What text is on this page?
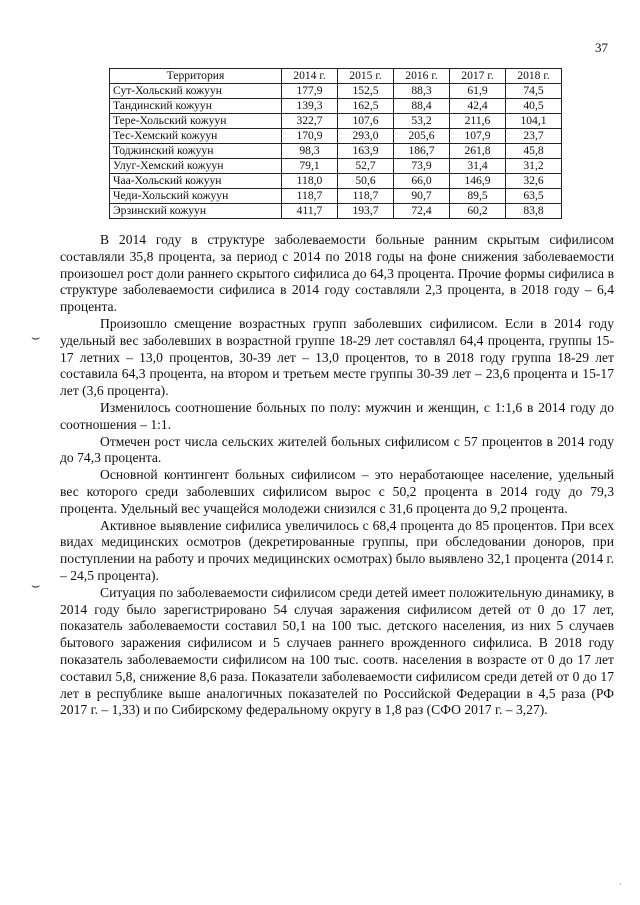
37
Территория	2014 г.	2015 г.	2016 г.	2017 г.	2018 г.
Сут-Хольский кожуун	177,9	152,5	88,3	61,9	74,5
Тандинский кожуун	139,3	162,5	88,4	42,4	40,5
Тере-Хольский кожуун	322,7	107,6	53,2	211,6	104,1
Тес-Хемский кожуун	170,9	293,0	205,6	107,9	23,7
Тоджинский кожуун	98,3	163,9	186,7	261,8	45,8
Улуг-Хемский кожуун	79,1	52,7	73,9	31,4	31,2
Чаа-Хольский кожуун	118,0	50,6	66,0	146,9	32,6
Чеди-Хольский кожуун	118,7	118,7	90,7	89,5	63,5
Эрзинский кожуун	411,7	193,7	72,4	60,2	83,8
⌣
⌣

В 2014 году в структуре заболеваемости больные ранним скрытым сифилисом составляли 35,8 процента, за период с 2014 по 2018 годы на фоне снижения заболеваемости произошел рост доли раннего скрытого сифилиса до 64,3 процента. Прочие формы сифилиса в структуре заболеваемости сифилиса в 2014 году составляли 2,3 процента, в 2018 году – 6,4 процента.

Произошло смещение возрастных групп заболевших сифилисом. Если в 2014 году удельный вес заболевших в возрастной группе 18-29 лет составлял 64,4 процента, группы 15-17 летних – 13,0 процентов, 30-39 лет – 13,0 процентов, то в 2018 году группа 18-29 лет составила 64,3 процента, на втором и третьем месте группы 30-39 лет – 23,6 процента и 15-17 лет (3,6 процента).

Изменилось соотношение больных по полу: мужчин и женщин, с 1:1,6 в 2014 году до соотношения – 1:1.

Отмечен рост числа сельских жителей больных сифилисом с 57 процентов в 2014 году до 74,3 процента.

Основной контингент больных сифилисом – это неработающее население, удельный вес которого среди заболевших сифилисом вырос с 50,2 процента в 2014 году до 79,3 процента. Удельный вес учащейся молодежи снизился с 31,6 процента до 9,2 процента.

Активное выявление сифилиса увеличилось с 68,4 процента до 85 процентов. При всех видах медицинских осмотров (декретированные группы, при обследовании доноров, при поступлении на работу и прочих медицинских осмотрах) было выявлено 32,1 процента (2014 г. – 24,5 процента).

Ситуация по заболеваемости сифилисом среди детей имеет положительную динамику, в 2014 году было зарегистрировано 54 случая заражения сифилисом детей от 0 до 17 лет, показатель заболеваемости составил 50,1 на 100 тыс. детского населения, из них 5 случаев бытового заражения сифилисом и 5 случаев раннего врожденного сифилиса. В 2018 году показатель заболеваемости сифилисом на 100 тыс. соотв. населения в возрасте от 0 до 17 лет составил 5,8, снижение 8,6 раза. Показатели заболеваемости сифилисом среди детей от 0 до 17 лет в республике выше аналогичных показателей по Российской Федерации в 4,5 раза (РФ 2017 г. – 1,33) и по Сибирскому федеральному округу в 1,8 раз (СФО 2017 г. – 3,27).

·
